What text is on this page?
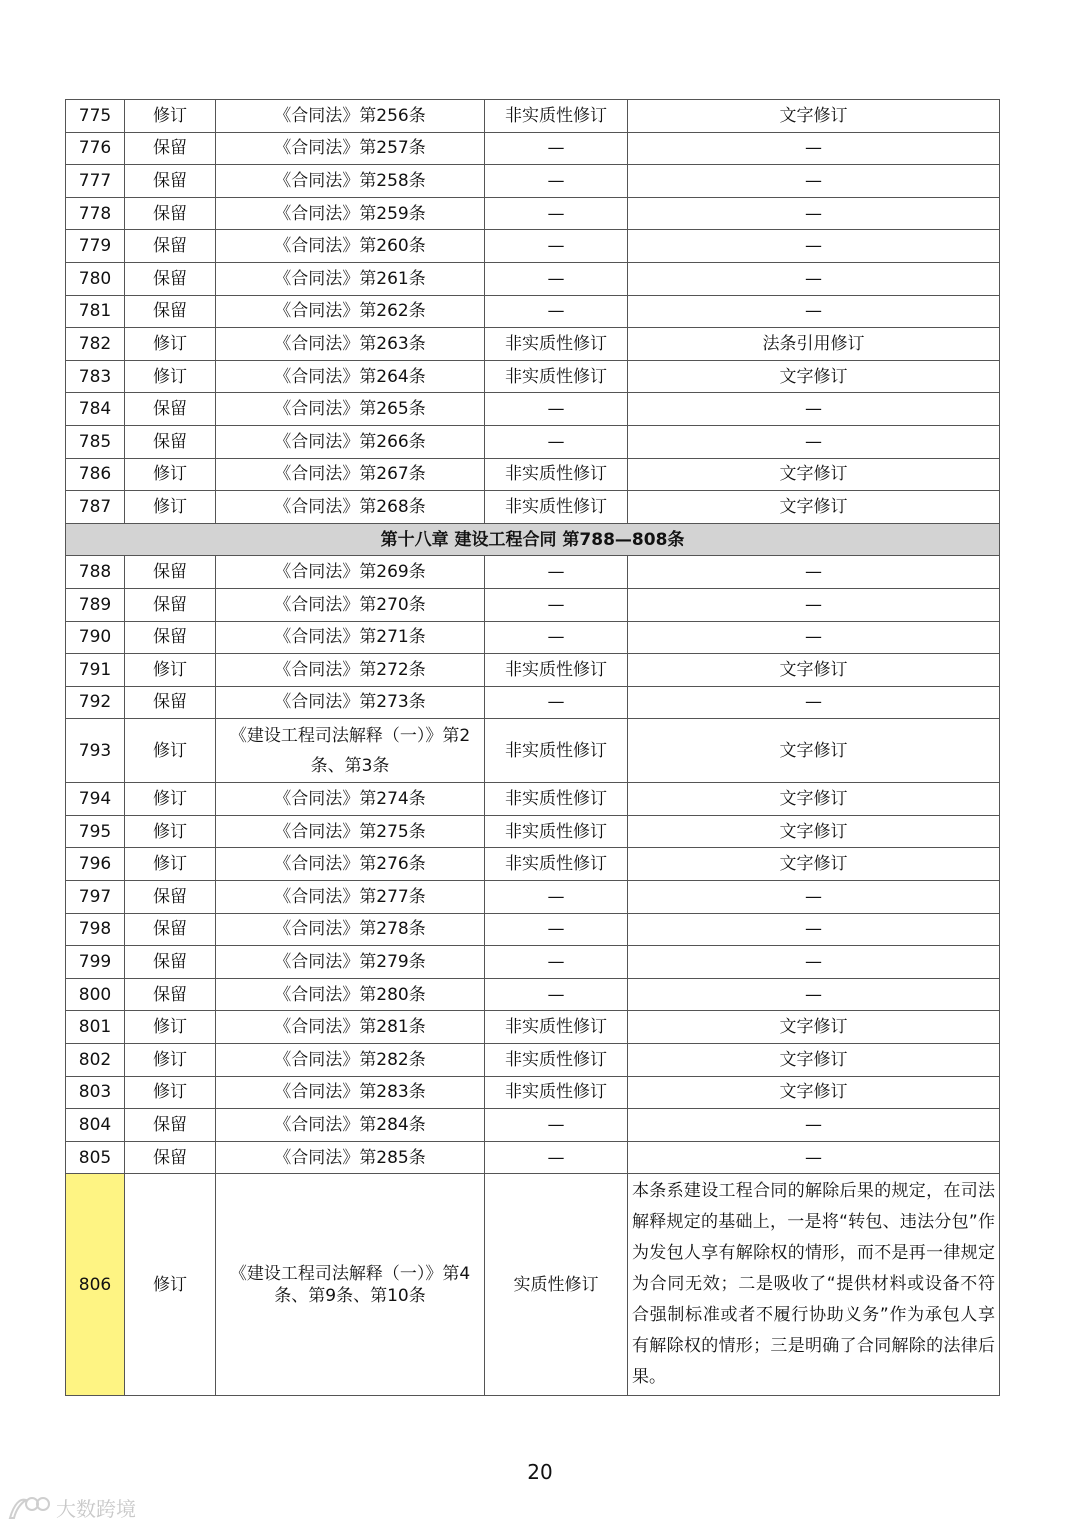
775	修订	《合同法》第256条	非实质性修订	文字修订
776	保留	《合同法》第257条	—	—
777	保留	《合同法》第258条	—	—
778	保留	《合同法》第259条	—	—
779	保留	《合同法》第260条	—	—
780	保留	《合同法》第261条	—	—
781	保留	《合同法》第262条	—	—
782	修订	《合同法》第263条	非实质性修订	法条引用修订
783	修订	《合同法》第264条	非实质性修订	文字修订
784	保留	《合同法》第265条	—	—
785	保留	《合同法》第266条	—	—
786	修订	《合同法》第267条	非实质性修订	文字修订
787	修订	《合同法》第268条	非实质性修订	文字修订
第十八章 建设工程合同 第788—808条				
788	保留	《合同法》第269条	—	—
789	保留	《合同法》第270条	—	—
790	保留	《合同法》第271条	—	—
791	修订	《合同法》第272条	非实质性修订	文字修订
792	保留	《合同法》第273条	—	—
793	修订	《建设工程司法解释（一）》第2条、第3条	非实质性修订	文字修订
794	修订	《合同法》第274条	非实质性修订	文字修订
795	修订	《合同法》第275条	非实质性修订	文字修订
796	修订	《合同法》第276条	非实质性修订	文字修订
797	保留	《合同法》第277条	—	—
798	保留	《合同法》第278条	—	—
799	保留	《合同法》第279条	—	—
800	保留	《合同法》第280条	—	—
801	修订	《合同法》第281条	非实质性修订	文字修订
802	修订	《合同法》第282条	非实质性修订	文字修订
803	修订	《合同法》第283条	非实质性修订	文字修订
804	保留	《合同法》第284条	—	—
805	保留	《合同法》第285条	—	—
806	修订	《建设工程司法解释（一）》第4条、第9条、第10条	实质性修订	本条系建设工程合同的解除后果的规定，在司法解释规定的基础上，一是将“转包、违法分包”作为发包人享有解除权的情形，而不是再一律规定为合同无效；二是吸收了“提供材料或设备不符合强制标准或者不履行协助义务”作为承包人享有解除权的情形；三是明确了合同解除的法律后果。
20
大数跨境
